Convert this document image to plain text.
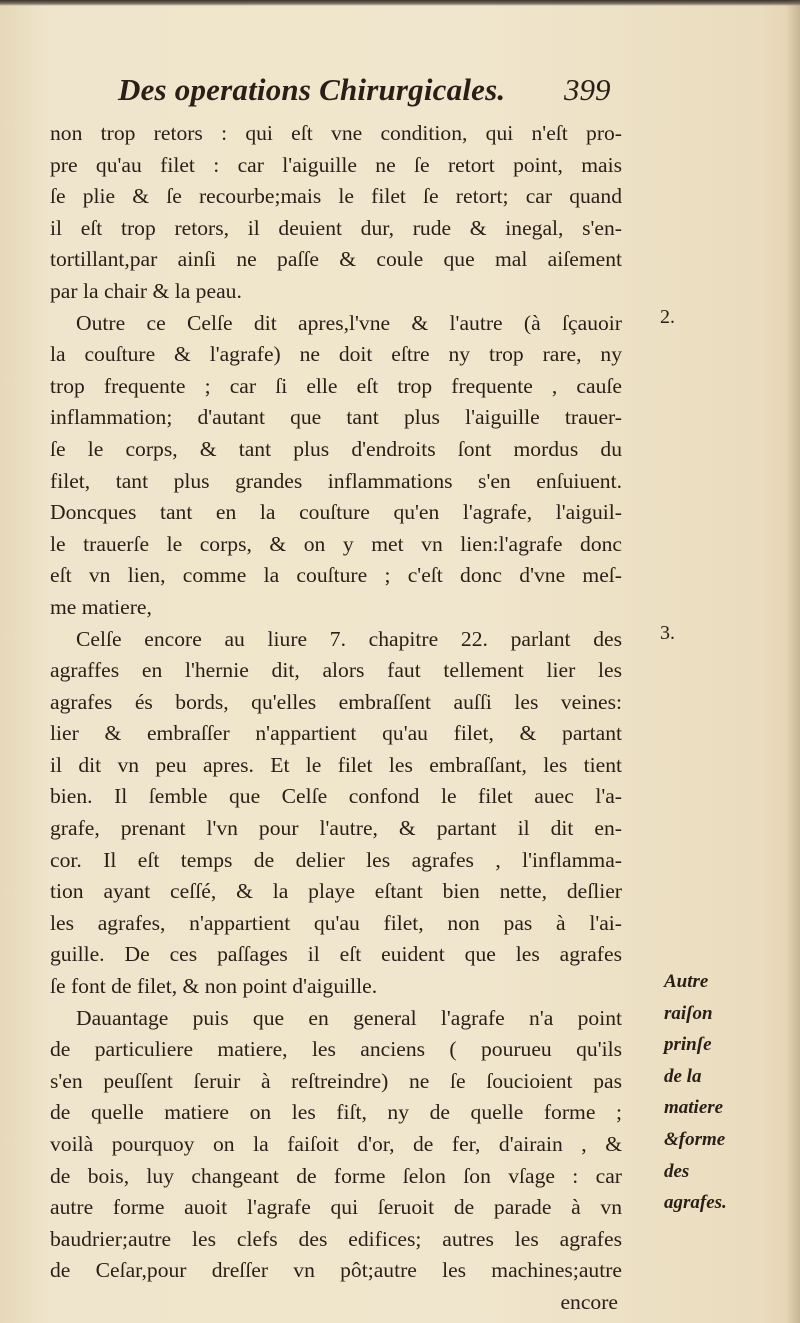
Des operations Chirurgicales. 399
non trop retors : qui eſt vne condition, qui n'eſt pro-
pre qu'au filet : car l'aiguille ne ſe retort point, mais
ſe plie & ſe recourbe;mais le filet ſe retort; car quand
il eſt trop retors, il deuient dur, rude & inegal, s'en-
tortillant,par ainſi ne paſſe & coule que mal aiſement
par la chair & la peau.
Outre ce Celſe dit apres,l'vne & l'autre (à ſçauoir
la couſture & l'agrafe) ne doit eſtre ny trop rare, ny
trop frequente ; car ſi elle eſt trop frequente , cauſe
inflammation; d'autant que tant plus l'aiguille trauer-
ſe le corps, & tant plus d'endroits ſont mordus du
filet, tant plus grandes inflammations s'en enſuiuent.
Doncques tant en la couſture qu'en l'agrafe, l'aiguil-
le trauerſe le corps, & on y met vn lien:l'agrafe donc
eſt vn lien, comme la couſture ; c'eſt donc d'vne meſ-
me matiere,
Celſe encore au liure 7. chapitre 22. parlant des
agraffes en l'hernie dit, alors faut tellement lier les
agrafes és bords, qu'elles embraſſent auſſi les veines:
lier & embraſſer n'appartient qu'au filet, & partant
il dit vn peu apres. Et le filet les embraſſant, les tient
bien. Il ſemble que Celſe confond le filet auec l'a-
grafe, prenant l'vn pour l'autre, & partant il dit en-
cor. Il eſt temps de delier les agrafes , l'inflamma-
tion ayant ceſſé, & la playe eſtant bien nette, deſlier
les agrafes, n'appartient qu'au filet, non pas à l'ai-
guille. De ces paſſages il eſt euident que les agrafes
ſe font de filet, & non point d'aiguille.
Dauantage puis que en general l'agrafe n'a point
de particuliere matiere, les anciens ( pourueu qu'ils
s'en peuſſent ſeruir à reſtreindre) ne ſe ſoucioient pas
de quelle matiere on les fiſt, ny de quelle forme ;
voilà pourquoy on la faiſoit d'or, de fer, d'airain , &
de bois, luy changeant de forme ſelon ſon vſage : car
autre forme auoit l'agrafe qui ſeruoit de parade à vn
baudrier;autre les clefs des edifices; autres les agrafes
de Ceſar,pour dreſſer vn pôt;autre les machines;autre
encore
2.
3.
Autre
raiſon
prinſe
de la
matiere
&forme
des
agrafes.
